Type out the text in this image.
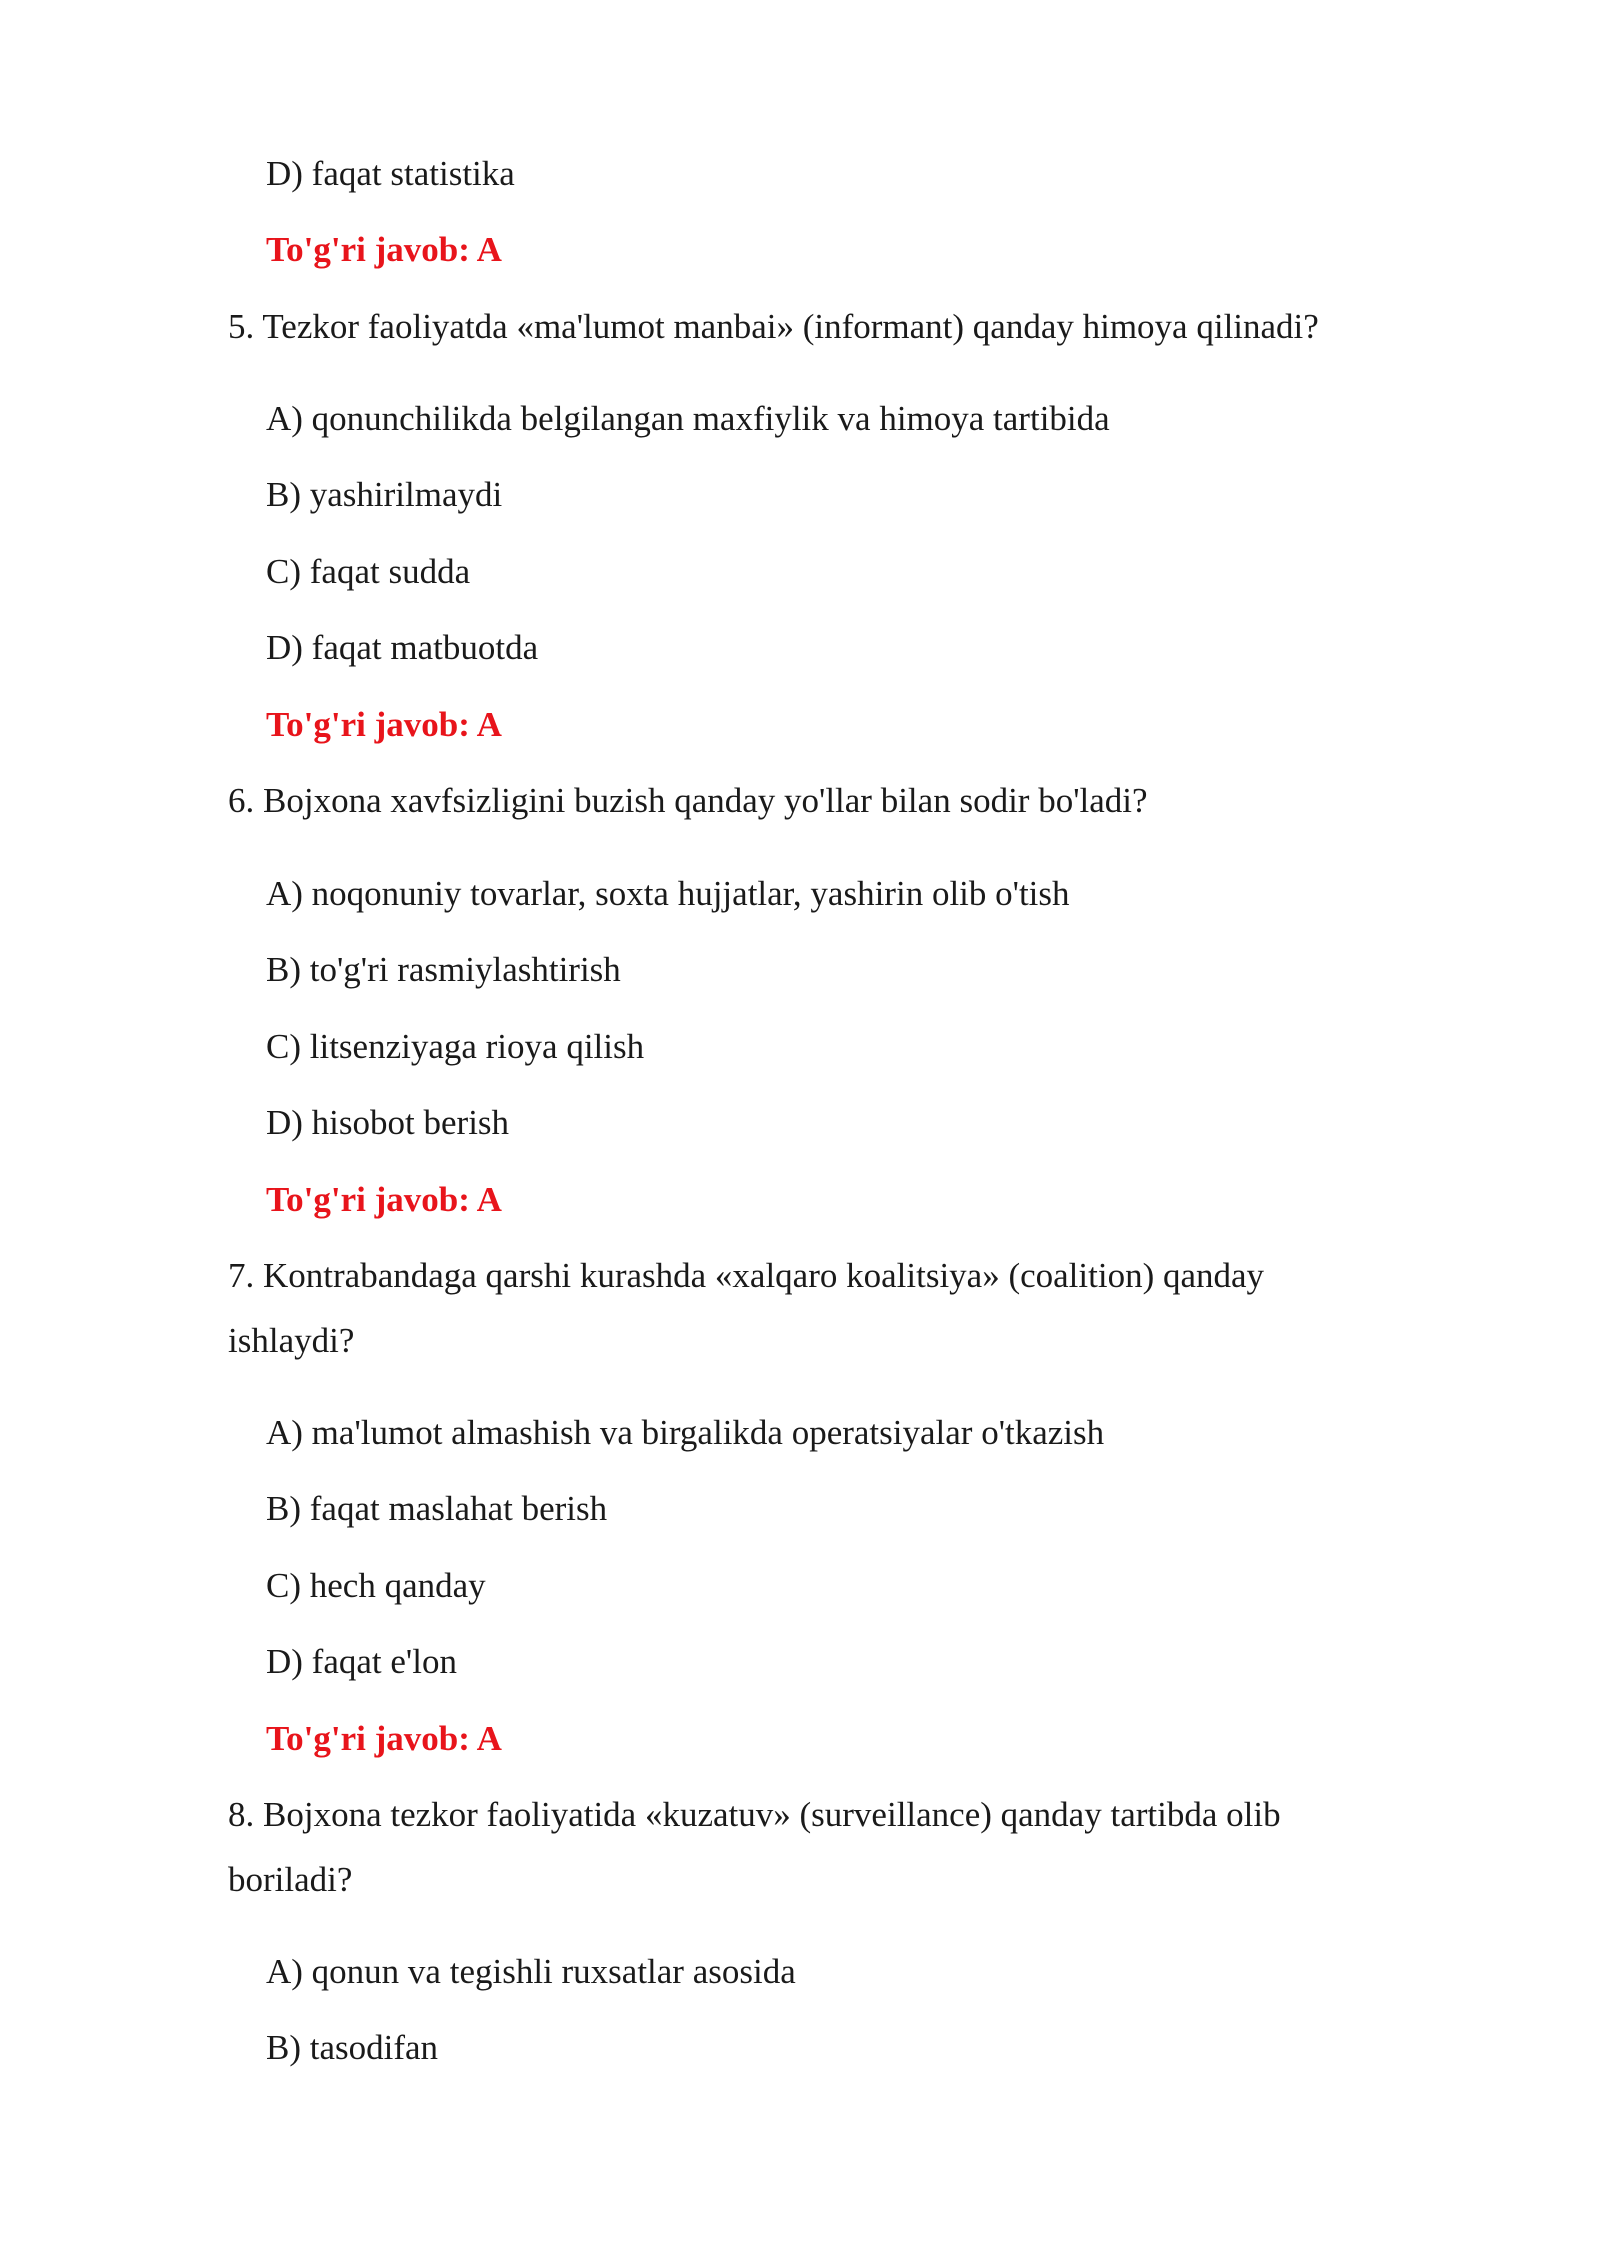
D) faqat statistika
To'g'ri javob: A
5. Tezkor faoliyatda «ma'lumot manbai» (informant) qanday himoya qilinadi?
A) qonunchilikda belgilangan maxfiylik va himoya tartibida
B) yashirilmaydi
C) faqat sudda
D) faqat matbuotda
To'g'ri javob: A
6. Bojxona xavfsizligini buzish qanday yo'llar bilan sodir bo'ladi?
A) noqonuniy tovarlar, soxta hujjatlar, yashirin olib o'tish
B) to'g'ri rasmiylashtirish
C) litsenziyaga rioya qilish
D) hisobot berish
To'g'ri javob: A
7. Kontrabandaga qarshi kurashda «xalqaro koalitsiya» (coalition) qanday
ishlaydi?
A) ma'lumot almashish va birgalikda operatsiyalar o'tkazish
B) faqat maslahat berish
C) hech qanday
D) faqat e'lon
To'g'ri javob: A
8. Bojxona tezkor faoliyatida «kuzatuv» (surveillance) qanday tartibda olib
boriladi?
A) qonun va tegishli ruxsatlar asosida
B) tasodifan
